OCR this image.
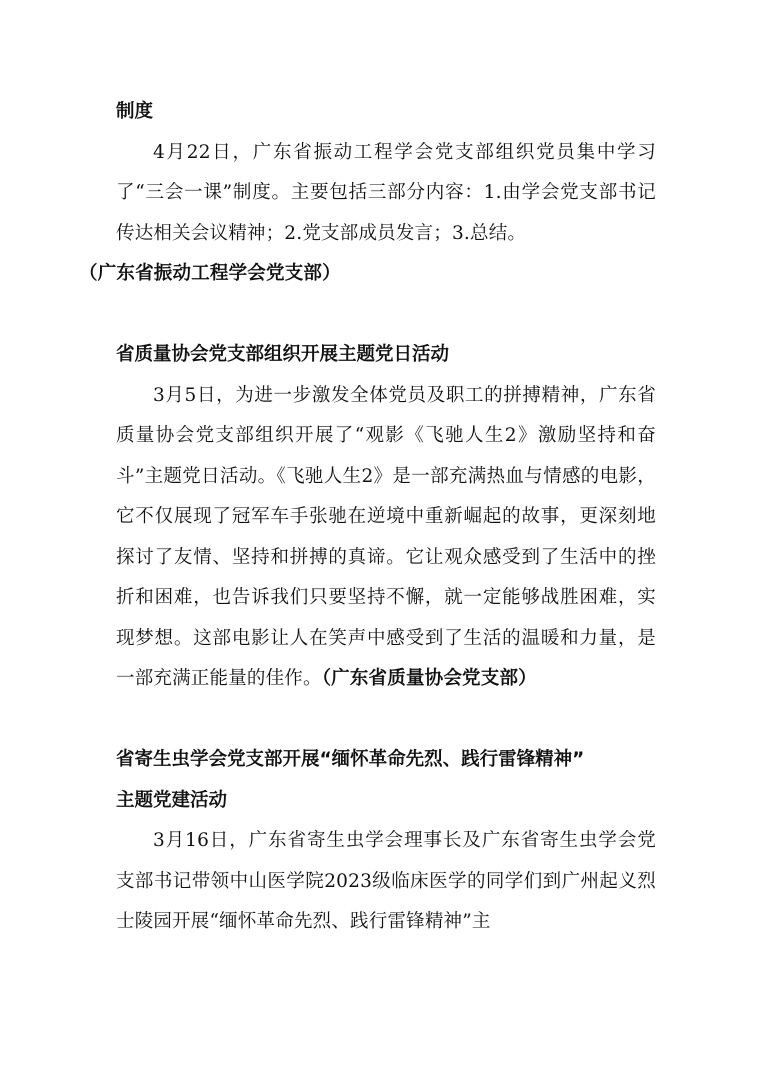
制度

4月22日，广东省振动工程学会党支部组织党员集中学习了“三会一课”制度。主要包括三部分内容：1.由学会党支部书记传达相关会议精神；2.党支部成员发言；3.总结。
（广东省振动工程学会党支部）

省质量协会党支部组织开展主题党日活动

3月5日，为进一步激发全体党员及职工的拼搏精神，广东省质量协会党支部组织开展了“观影《飞驰人生2》激励坚持和奋斗”主题党日活动。《飞驰人生2》是一部充满热血与情感的电影，它不仅展现了冠军车手张驰在逆境中重新崛起的故事，更深刻地探讨了友情、坚持和拼搏的真谛。它让观众感受到了生活中的挫折和困难，也告诉我们只要坚持不懈，就一定能够战胜困难，实现梦想。这部电影让人在笑声中感受到了生活的温暖和力量，是一部充满正能量的佳作。（广东省质量协会党支部）

省寄生虫学会党支部开展“缅怀革命先烈、践行雷锋精神”

主题党建活动

3月16日，广东省寄生虫学会理事长及广东省寄生虫学会党支部书记带领中山医学院2023级临床医学的同学们到广州起义烈士陵园开展“缅怀革命先烈、践行雷锋精神”主
